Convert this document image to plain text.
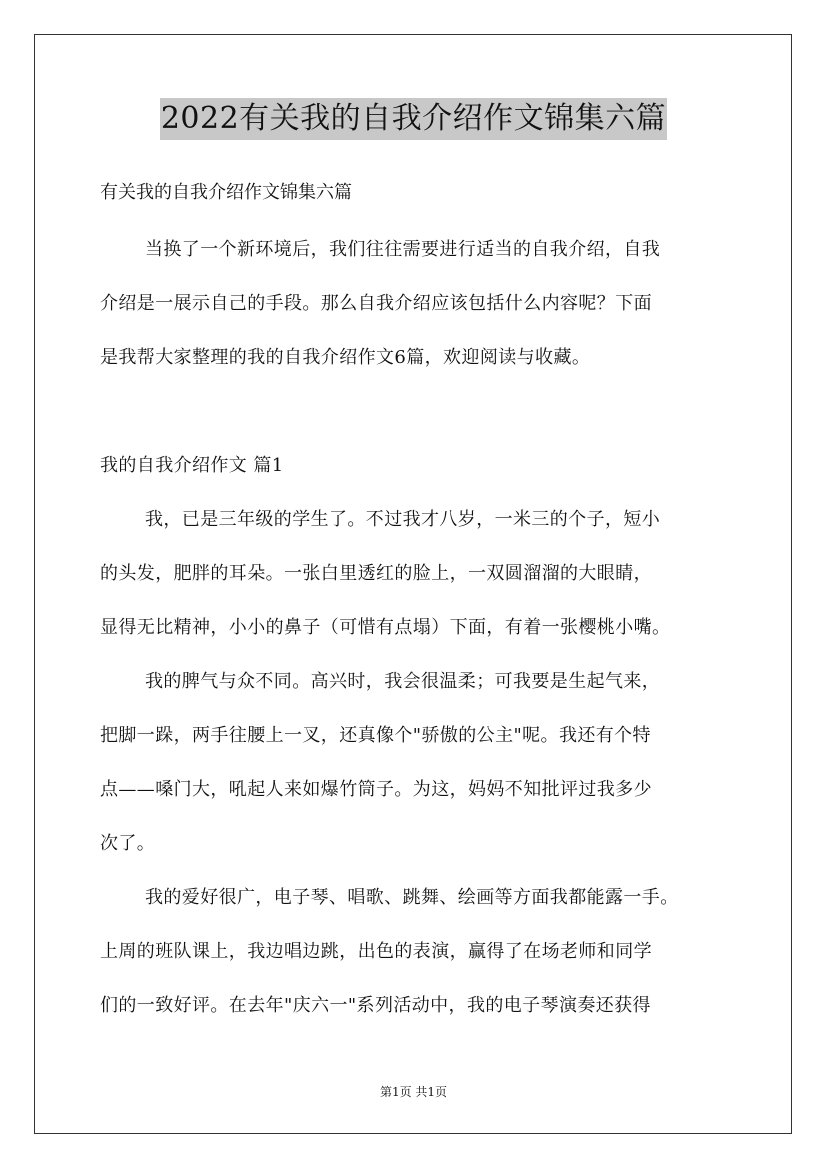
2022有关我的自我介绍作文锦集六篇
有关我的自我介绍作文锦集六篇
当换了一个新环境后，我们往往需要进行适当的自我介绍，自我
介绍是一展示自己的手段。那么自我介绍应该包括什么内容呢？下面
是我帮大家整理的我的自我介绍作文6篇，欢迎阅读与收藏。
我的自我介绍作文 篇1
我，已是三年级的学生了。不过我才八岁，一米三的个子，短小
的头发，肥胖的耳朵。一张白里透红的脸上，一双圆溜溜的大眼睛，
显得无比精神，小小的鼻子（可惜有点塌）下面，有着一张樱桃小嘴。
我的脾气与众不同。高兴时，我会很温柔；可我要是生起气来，
把脚一跺，两手往腰上一叉，还真像个"骄傲的公主"呢。我还有个特
点——嗓门大，吼起人来如爆竹筒子。为这，妈妈不知批评过我多少
次了。
我的爱好很广，电子琴、唱歌、跳舞、绘画等方面我都能露一手。
上周的班队课上，我边唱边跳，出色的表演，赢得了在场老师和同学
们的一致好评。在去年"庆六一"系列活动中，我的电子琴演奏还获得
第1页 共1页
